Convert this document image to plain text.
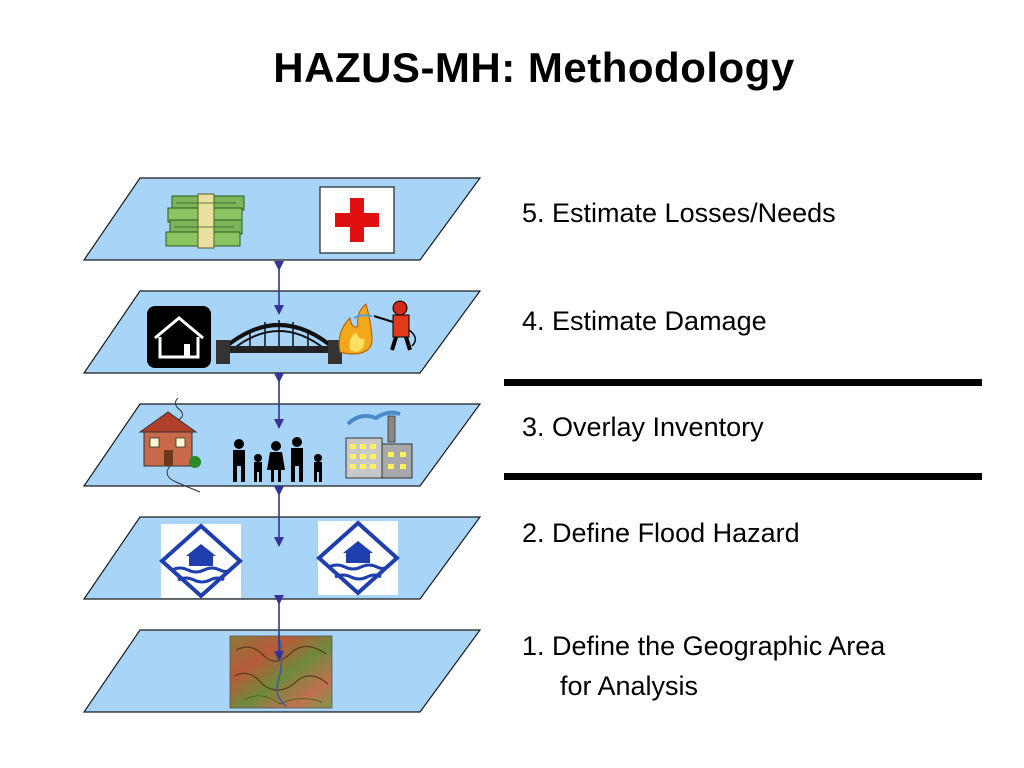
HAZUS-MH: Methodology
5. Estimate Losses/Needs
4. Estimate Damage
3. Overlay Inventory
2. Define Flood Hazard
1. Define the Geographic Area
for Analysis
